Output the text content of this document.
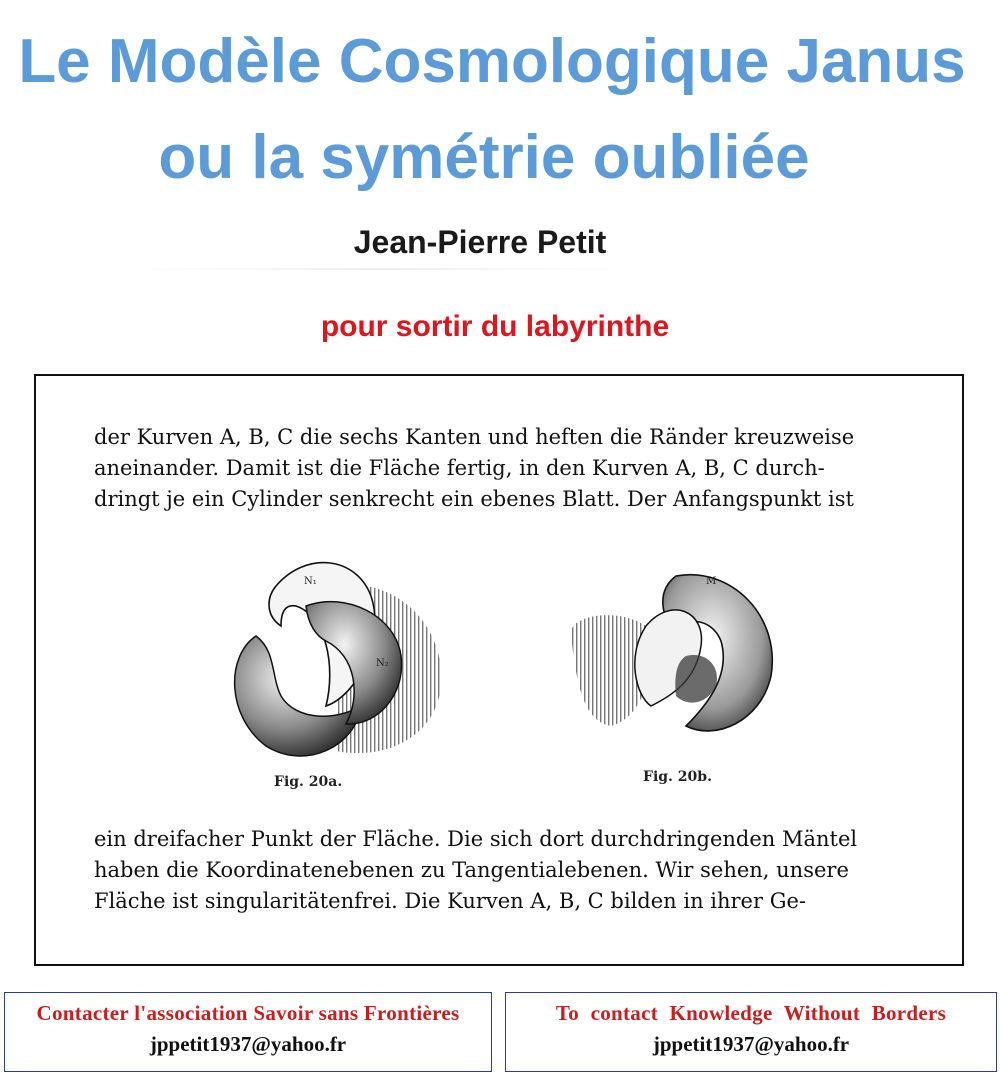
Le Modèle Cosmologique Janus
ou la symétrie oubliée
Jean-Pierre Petit
pour sortir du labyrinthe
der Kurven A, B, C die sechs Kanten und heften die Ränder kreuzweise
aneinander. Damit ist die Fläche fertig, in den Kurven A, B, C durch-
dringt je ein Cylinder senkrecht ein ebenes Blatt. Der Anfangspunkt ist
N₁
N₂
Fig. 20a.
M
Fig. 20b.
ein dreifacher Punkt der Fläche. Die sich dort durchdringenden Mäntel
haben die Koordinatenebenen zu Tangentialebenen. Wir sehen, unsere
Fläche ist singularitätenfrei. Die Kurven A, B, C bilden in ihrer Ge-
Contacter l'association Savoir sans Frontières
jppetit1937@yahoo.fr
To contact Knowledge Without Borders
jppetit1937@yahoo.fr
